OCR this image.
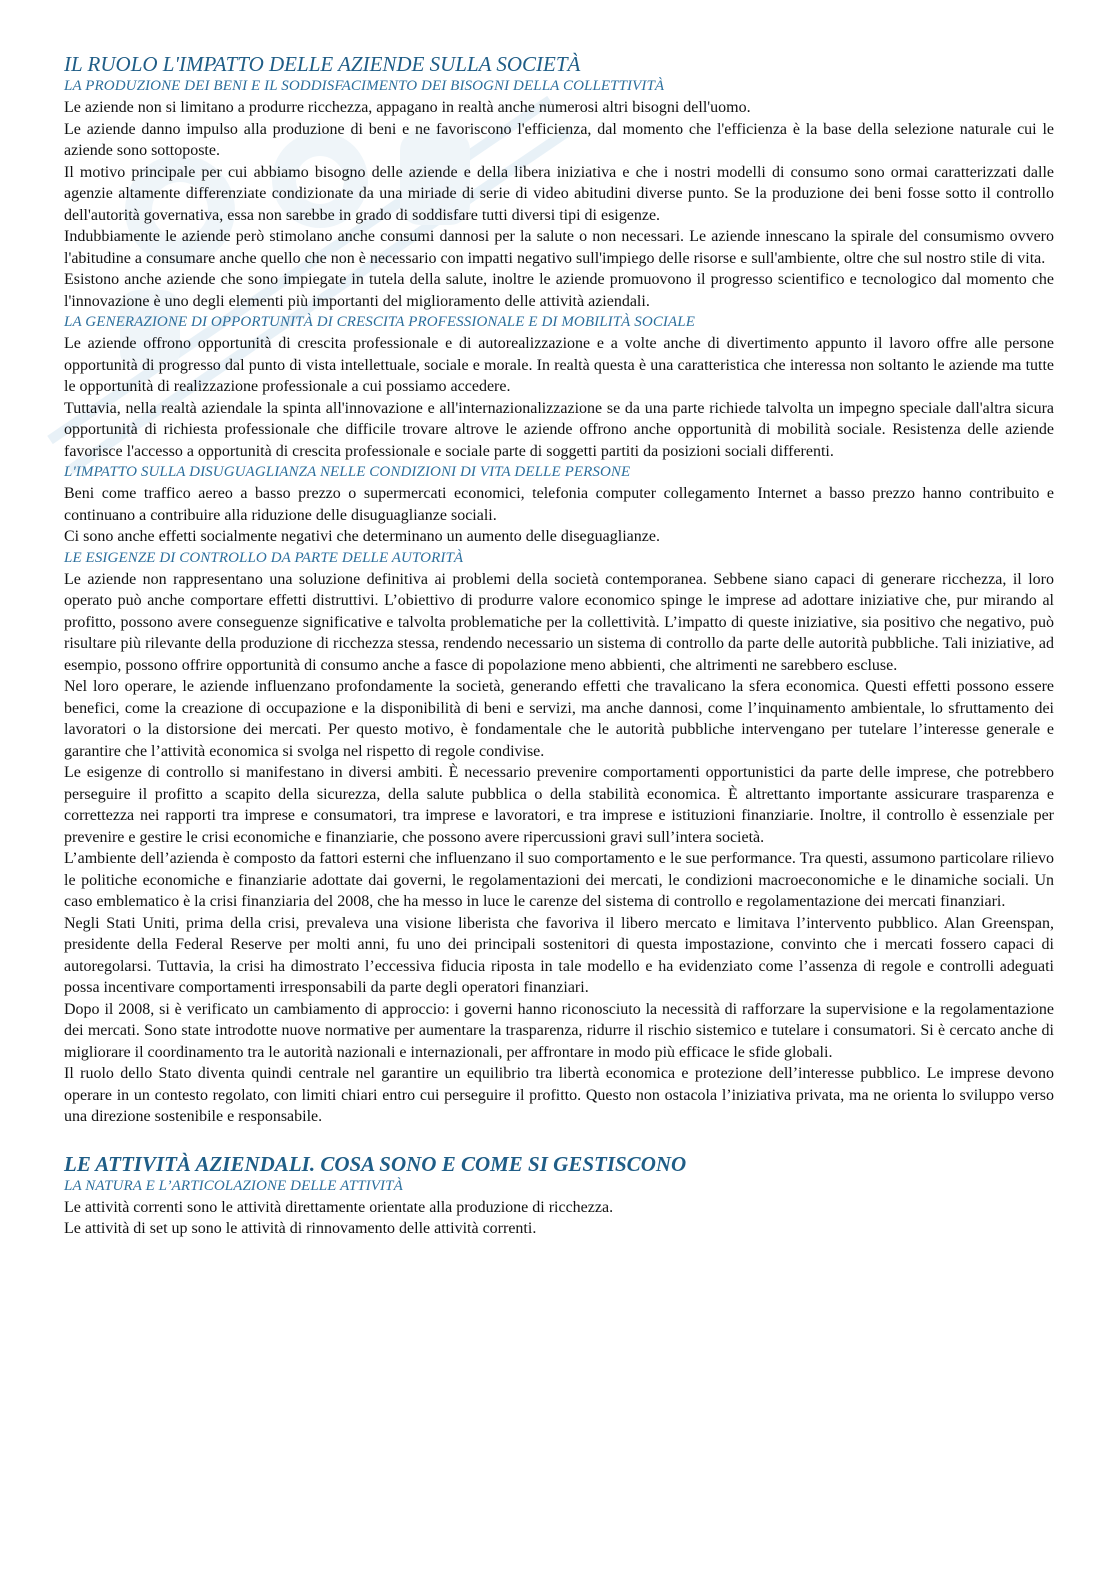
IL RUOLO L'IMPATTO DELLE AZIENDE SULLA SOCIETÀ
LA PRODUZIONE DEI BENI E IL SODDISFACIMENTO DEI BISOGNI DELLA COLLETTIVITÀ

Le aziende non si limitano a produrre ricchezza, appagano in realtà anche numerosi altri bisogni dell'uomo.

Le aziende danno impulso alla produzione di beni e ne favoriscono l'efficienza, dal momento che l'efficienza è la base della selezione naturale cui le aziende sono sottoposte.

Il motivo principale per cui abbiamo bisogno delle aziende e della libera iniziativa e che i nostri modelli di consumo sono ormai caratterizzati dalle agenzie altamente differenziate condizionate da una miriade di serie di video abitudini diverse punto. Se la produzione dei beni fosse sotto il controllo dell'autorità governativa, essa non sarebbe in grado di soddisfare tutti diversi tipi di esigenze.

Indubbiamente le aziende però stimolano anche consumi dannosi per la salute o non necessari. Le aziende innescano la spirale del consumismo ovvero l'abitudine a consumare anche quello che non è necessario con impatti negativo sull'impiego delle risorse e sull'ambiente, oltre che sul nostro stile di vita.

Esistono anche aziende che sono impiegate in tutela della salute, inoltre le aziende promuovono il progresso scientifico e tecnologico dal momento che l'innovazione è uno degli elementi più importanti del miglioramento delle attività aziendali.

LA GENERAZIONE DI OPPORTUNITÀ DI CRESCITA PROFESSIONALE E DI MOBILITÀ SOCIALE

Le aziende offrono opportunità di crescita professionale e di autorealizzazione e a volte anche di divertimento appunto il lavoro offre alle persone opportunità di progresso dal punto di vista intellettuale, sociale e morale. In realtà questa è una caratteristica che interessa non soltanto le aziende ma tutte le opportunità di realizzazione professionale a cui possiamo accedere.

Tuttavia, nella realtà aziendale la spinta all'innovazione e all'internazionalizzazione se da una parte richiede talvolta un impegno speciale dall'altra sicura opportunità di richiesta professionale che difficile trovare altrove le aziende offrono anche opportunità di mobilità sociale. Resistenza delle aziende favorisce l'accesso a opportunità di crescita professionale e sociale parte di soggetti partiti da posizioni sociali differenti.

L'IMPATTO SULLA DISUGUAGLIANZA NELLE CONDIZIONI DI VITA DELLE PERSONE

Beni come traffico aereo a basso prezzo o supermercati economici, telefonia computer collegamento Internet a basso prezzo hanno contribuito e continuano a contribuire alla riduzione delle disuguaglianze sociali.

Ci sono anche effetti socialmente negativi che determinano un aumento delle diseguaglianze.

LE ESIGENZE DI CONTROLLO DA PARTE DELLE AUTORITÀ

Le aziende non rappresentano una soluzione definitiva ai problemi della società contemporanea. Sebbene siano capaci di generare ricchezza, il loro operato può anche comportare effetti distruttivi. L’obiettivo di produrre valore economico spinge le imprese ad adottare iniziative che, pur mirando al profitto, possono avere conseguenze significative e talvolta problematiche per la collettività. L’impatto di queste iniziative, sia positivo che negativo, può risultare più rilevante della produzione di ricchezza stessa, rendendo necessario un sistema di controllo da parte delle autorità pubbliche. Tali iniziative, ad esempio, possono offrire opportunità di consumo anche a fasce di popolazione meno abbienti, che altrimenti ne sarebbero escluse.

Nel loro operare, le aziende influenzano profondamente la società, generando effetti che travalicano la sfera economica. Questi effetti possono essere benefici, come la creazione di occupazione e la disponibilità di beni e servizi, ma anche dannosi, come l’inquinamento ambientale, lo sfruttamento dei lavoratori o la distorsione dei mercati. Per questo motivo, è fondamentale che le autorità pubbliche intervengano per tutelare l’interesse generale e garantire che l’attività economica si svolga nel rispetto di regole condivise.

Le esigenze di controllo si manifestano in diversi ambiti. È necessario prevenire comportamenti opportunistici da parte delle imprese, che potrebbero perseguire il profitto a scapito della sicurezza, della salute pubblica o della stabilità economica. È altrettanto importante assicurare trasparenza e correttezza nei rapporti tra imprese e consumatori, tra imprese e lavoratori, e tra imprese e istituzioni finanziarie. Inoltre, il controllo è essenziale per prevenire e gestire le crisi economiche e finanziarie, che possono avere ripercussioni gravi sull’intera società.

L’ambiente dell’azienda è composto da fattori esterni che influenzano il suo comportamento e le sue performance. Tra questi, assumono particolare rilievo le politiche economiche e finanziarie adottate dai governi, le regolamentazioni dei mercati, le condizioni macroeconomiche e le dinamiche sociali. Un caso emblematico è la crisi finanziaria del 2008, che ha messo in luce le carenze del sistema di controllo e regolamentazione dei mercati finanziari.

Negli Stati Uniti, prima della crisi, prevaleva una visione liberista che favoriva il libero mercato e limitava l’intervento pubblico. Alan Greenspan, presidente della Federal Reserve per molti anni, fu uno dei principali sostenitori di questa impostazione, convinto che i mercati fossero capaci di autoregolarsi. Tuttavia, la crisi ha dimostrato l’eccessiva fiducia riposta in tale modello e ha evidenziato come l’assenza di regole e controlli adeguati possa incentivare comportamenti irresponsabili da parte degli operatori finanziari.

Dopo il 2008, si è verificato un cambiamento di approccio: i governi hanno riconosciuto la necessità di rafforzare la supervisione e la regolamentazione dei mercati. Sono state introdotte nuove normative per aumentare la trasparenza, ridurre il rischio sistemico e tutelare i consumatori. Si è cercato anche di migliorare il coordinamento tra le autorità nazionali e internazionali, per affrontare in modo più efficace le sfide globali.

Il ruolo dello Stato diventa quindi centrale nel garantire un equilibrio tra libertà economica e protezione dell’interesse pubblico. Le imprese devono operare in un contesto regolato, con limiti chiari entro cui perseguire il profitto. Questo non ostacola l’iniziativa privata, ma ne orienta lo sviluppo verso una direzione sostenibile e responsabile.

LE ATTIVITÀ AZIENDALI. COSA SONO E COME SI GESTISCONO
LA NATURA E L’ARTICOLAZIONE DELLE ATTIVITÀ

Le attività correnti sono le attività direttamente orientate alla produzione di ricchezza.

Le attività di set up sono le attività di rinnovamento delle attività correnti.
